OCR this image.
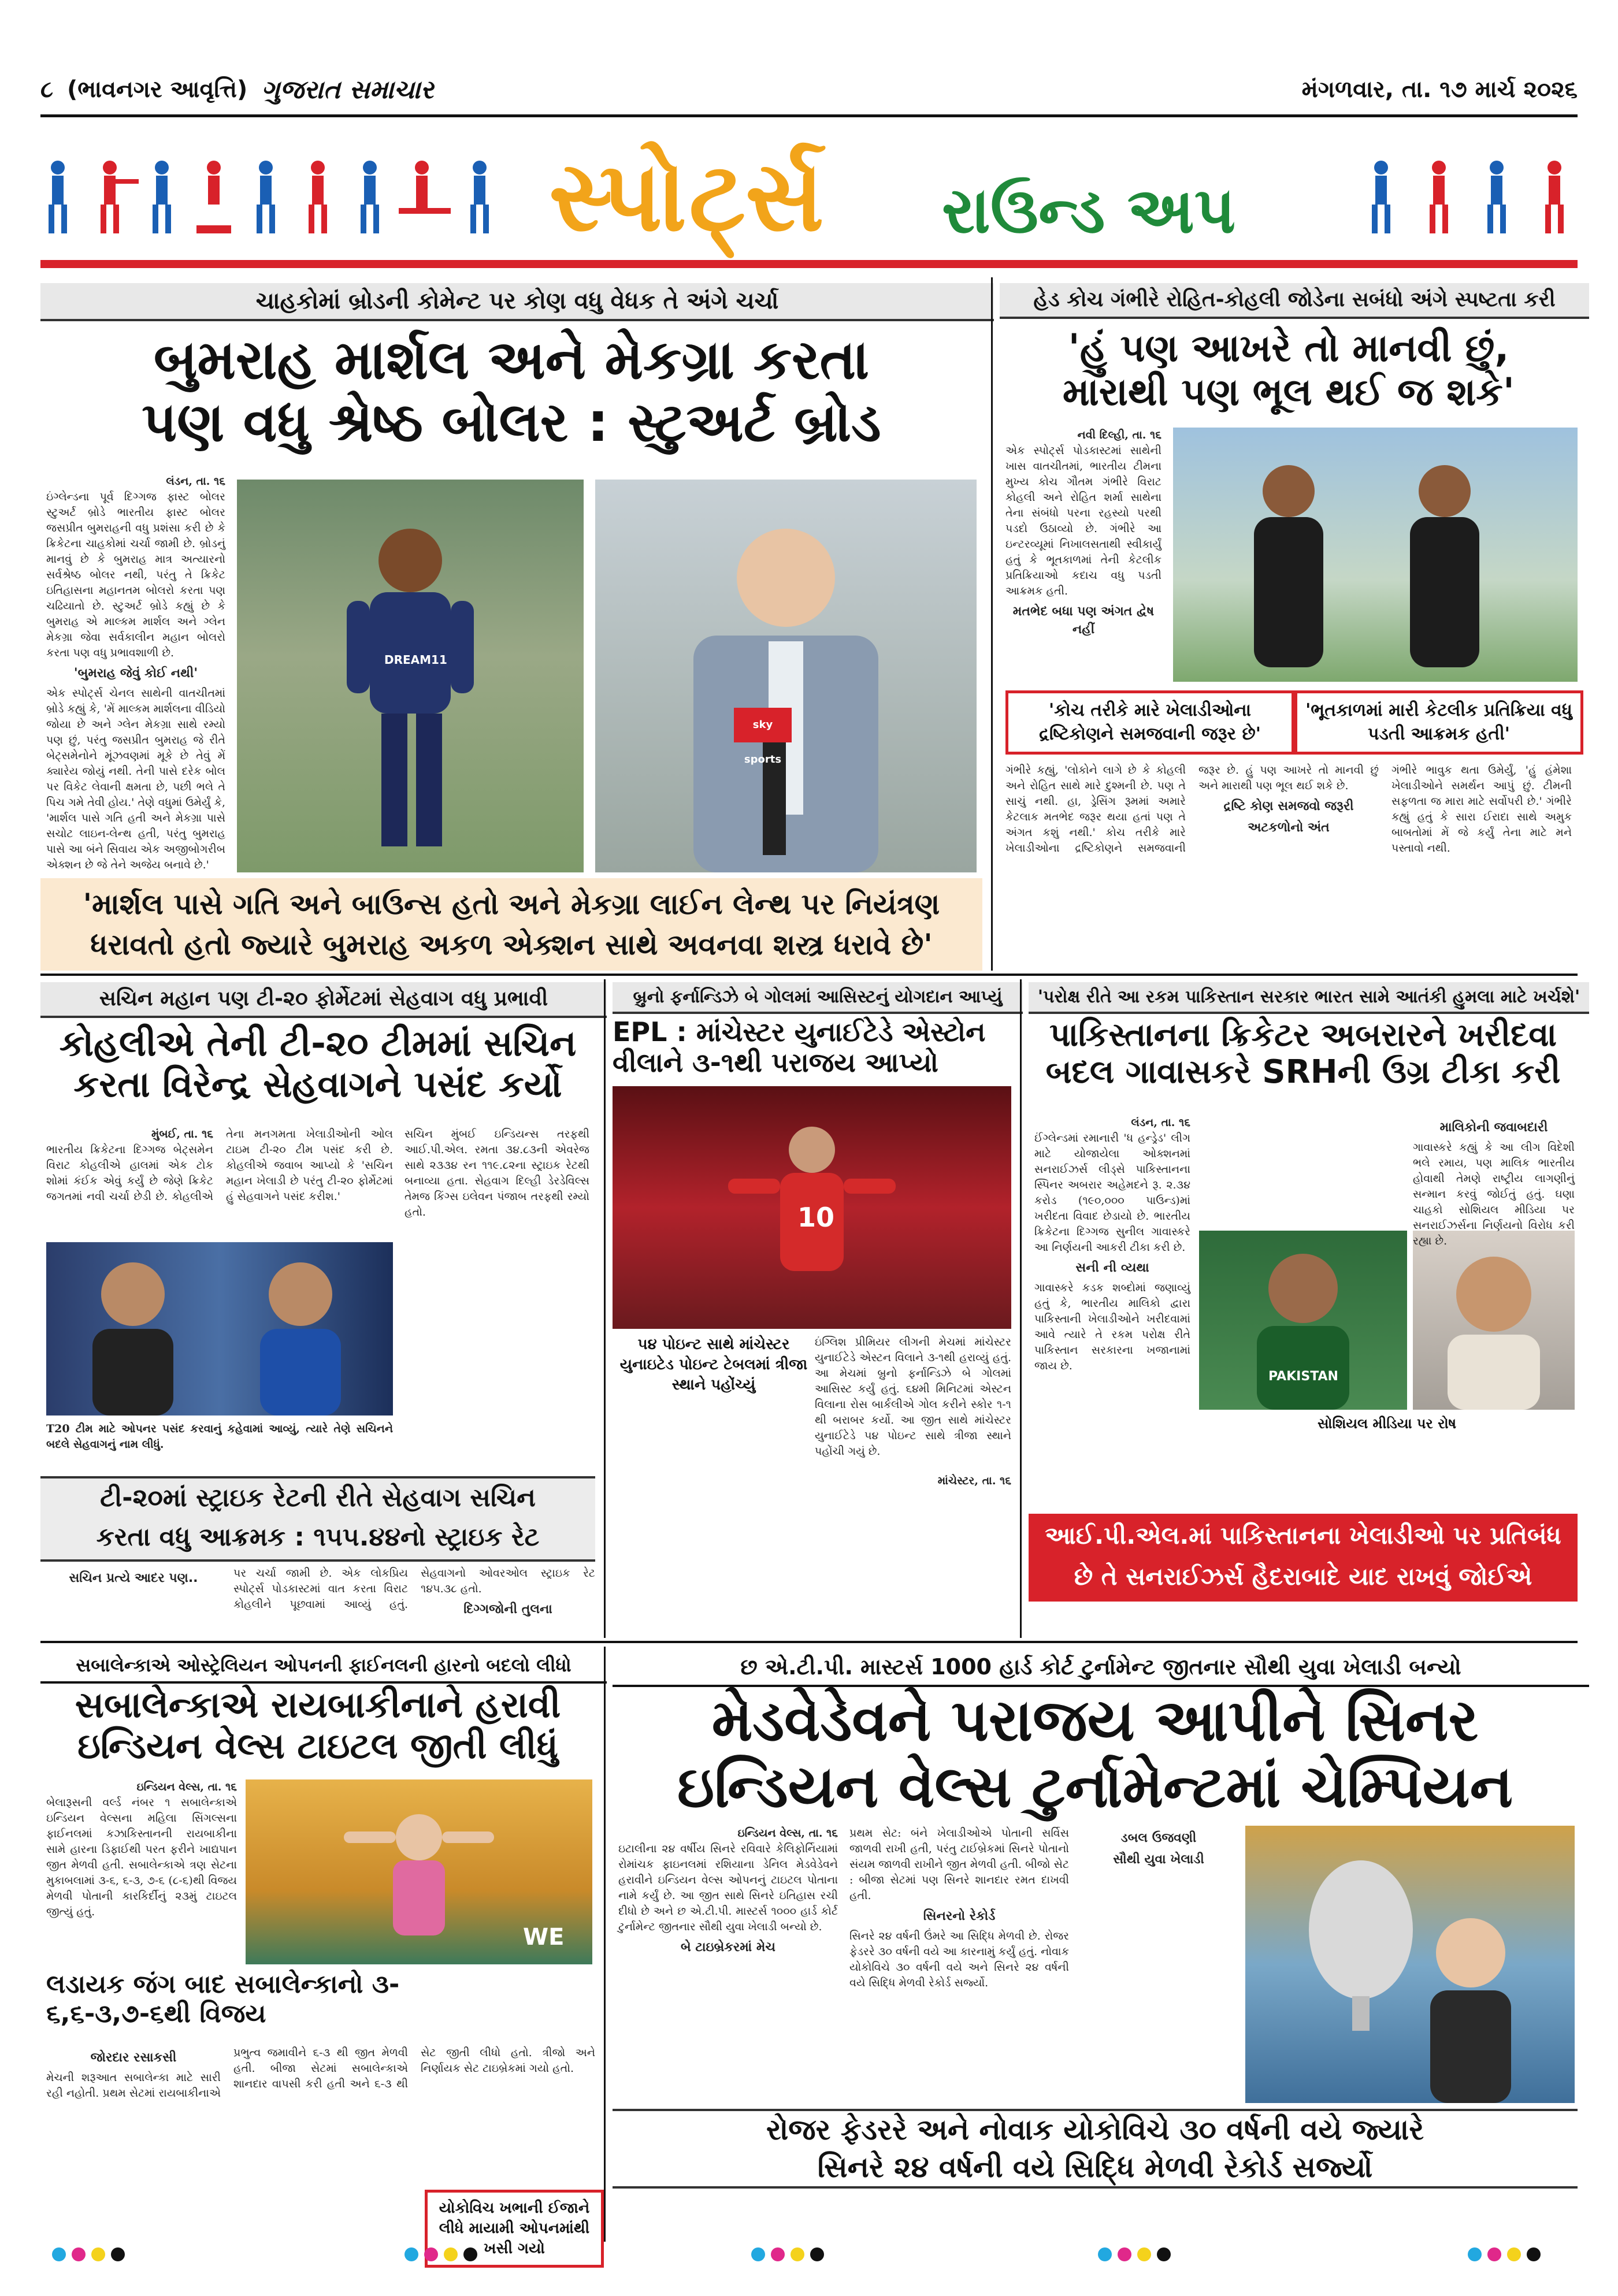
૮ (ભાવનગર આવૃત્તિ) ગુજરાત સમાચાર	મંગળવાર, તા. ૧૭ માર્ચ ૨૦૨૬
સ્પોર્ટ્સ રાઉન્ડ અપ
ચાહકોમાં બ્રોડની કોમેન્ટ પર કોણ વધુ વેધક તે અંગે ચર્ચા
બુમરાહ માર્શલ અને મેકગ્રા કરતા
પણ વધુ શ્રેષ્ઠ બોલર : સ્ટુઅર્ટ બ્રોડ
લંડન, તા. ૧૬
ઇંગ્લેન્ડના પૂર્વ દિગ્ગજ ફાસ્ટ બોલર સ્ટુઅર્ટ બ્રોડે ભારતીય ફાસ્ટ બોલર જસપ્રીત બુમરાહની વધુ પ્રશંસા કરી છે કે ક્રિકેટના ચાહકોમાં ચર્ચા જામી છે. બ્રોડનું માનવું છે કે બુમરાહ માત્ર અત્યારનો સર્વશ્રેષ્ઠ બોલર નથી, પરંતુ તે ક્રિકેટ ઇતિહાસના મહાનતમ બોલરો કરતા પણ ચઢિયાતો છે. સ્ટુઅર્ટ બ્રોડે કહ્યું છે કે બુમરાહ એ માલ્કમ માર્શલ અને ગ્લેન મેકગ્રા જેવા સર્વકાલીન મહાન બોલરો કરતા પણ વધુ પ્રભાવશાળી છે.
'બુમરાહ જેવું કોઈ નથી'
એક સ્પોર્ટ્સ ચેનલ સાથેની વાતચીતમાં બ્રોડે કહ્યું કે, 'મેં માલ્કમ માર્શલના વીડિયો જોયા છે અને ગ્લેન મેકગ્રા સાથે રમ્યો પણ છું, પરંતુ જસપ્રીત બુમરાહ જે રીતે બેટ્સમેનોને મૂંઝવણમાં મૂકે છે તેવું મેં ક્યારેય જોયું નથી. તેની પાસે દરેક બોલ પર વિકેટ લેવાની ક્ષમતા છે, પછી ભલે તે પિચ ગમે તેવી હોય.' તેણે વધુમાં ઉમેર્યું કે, 'માર્શલ પાસે ગતિ હતી અને મેકગ્રા પાસે સચોટ લાઇન-લેન્થ હતી, પરંતુ બુમરાહ પાસે આ બંને સિવાય એક અજીબોગરીબ એક્શન છે જે તેને અજેય બનાવે છે.'
DREAM11
sky sports
'માર્શલ પાસે ગતિ અને બાઉન્સ હતો અને મેકગ્રા લાઈન લેન્થ પર નિયંત્રણ
ધરાવતો હતો જ્યારે બુમરાહ અકળ એક્શન સાથે અવનવા શસ્ત્ર ધરાવે છે'
હેડ કોચ ગંભીરે રોહિત-કોહલી જોડેના સબંધો અંગે સ્પષ્ટતા કરી
'હું પણ આખરે તો માનવી છું,
મારાથી પણ ભૂલ થઈ જ શકે'
નવી દિલ્હી, તા. ૧૬
એક સ્પોર્ટ્સ પોડકાસ્ટમાં સાથેની ખાસ વાતચીતમાં, ભારતીય ટીમના મુખ્ય કોચ ગૌતમ ગંભીરે વિરાટ કોહલી અને રોહિત શર્મા સાથેના તેના સંબંધો પરના રહસ્યો પરથી પડદો ઉઠાવ્યો છે. ગંભીરે આ ઇન્ટરવ્યૂમાં નિખાલસતાથી સ્વીકાર્યું હતું કે ભૂતકાળમાં તેની કેટલીક પ્રતિક્રિયાઓ કદાચ વધુ પડતી આક્રમક હતી.
મતભેદ બધા પણ અંગત દ્વેષ નહીં
'કોચ તરીકે મારે ખેલાડીઓના દ્રષ્ટિકોણને સમજવાની જરૂર છે'
'ભૂતકાળમાં મારી કેટલીક પ્રતિક્રિયા વધુ પડતી આક્રમક હતી'
ગંભીરે કહ્યું, 'લોકોને લાગે છે કે કોહલી અને રોહિત સાથે મારે દુશ્મની છે. પણ તે સાચું નથી. હા, ડ્રેસિંગ રૂમમાં અમારે કેટલાક મતભેદ જરૂર થયા હતાં પણ તે અંગત કશું નથી.' કોચ તરીકે મારે ખેલાડીઓના દ્રષ્ટિકોણને સમજવાની જરૂર છે. હું પણ આખરે તો માનવી છું અને મારાથી પણ ભૂલ થઈ શકે છે.
દ્રષ્ટિ કોણ સમજવો જરૂરી
અટકળોનો અંત
ગંભીરે ભાવુક થતા ઉમેર્યું, 'હું હંમેશા ખેલાડીઓને સમર્થન આપું છું. ટીમની સફળતા જ મારા માટે સર્વોપરી છે.' ગંભીરે કહ્યું હતું કે સારા ઈરાદા સાથે અમુક બાબતોમાં મેં જે કર્યું તેના માટે મને પસ્તાવો નથી.
સચિન મહાન પણ ટી-૨૦ ફોર્મેટમાં સેહવાગ વધુ પ્રભાવી
કોહલીએ તેની ટી-૨૦ ટીમમાં સચિન
કરતા વિરેન્દ્ર સેહવાગને પસંદ કર્યો
મુંબઈ, તા. ૧૬
ભારતીય ક્રિકેટના દિગ્ગજ બેટ્સમેન વિરાટ કોહલીએ હાલમાં એક ટોક શોમાં કંઈક એવું કર્યું છે જેણે ક્રિકેટ જગતમાં નવી ચર્ચા છેડી છે. કોહલીએ તેના મનગમતા ખેલાડીઓની ઓલ ટાઇમ ટી-૨૦ ટીમ પસંદ કરી છે. કોહલીએ જવાબ આપ્યો કે 'સચિન મહાન ખેલાડી છે પરંતુ ટી-૨૦ ફોર્મેટમાં હું સેહવાગને પસંદ કરીશ.'
સચિન મુંબઈ ઇન્ડિયન્સ તરફથી આઈ.પી.એલ. રમતા ૩૪.૮૩ની એવરેજ સાથે ૨૩૩૪ રન ૧૧૯.૮૨ના સ્ટ્રાઇક રેટથી બનાવ્યા હતા. સેહવાગ દિલ્હી ડેરડેવિલ્સ તેમજ કિંગ્સ ઇલેવન પંજાબ તરફથી રમ્યો હતો.
T20 ટીમ માટે ઓપનર પસંદ કરવાનું કહેવામાં આવ્યું, ત્યારે તેણે સચિનને બદલે સેહવાગનું નામ લીધું.
ટી-૨૦માં સ્ટ્રાઇક રેટની રીતે સેહવાગ સચિન
કરતા વધુ આક્રમક : ૧૫૫.૪૪નો સ્ટ્રાઇક રેટ
સચિન પ્રત્યે આદર પણ..	પર ચર્ચા જામી છે. એક લોકપ્રિય સ્પોર્ટ્સ પોડકાસ્ટમાં વાત કરતા વિરાટ કોહલીને પૂછવામાં આવ્યું હતું. સેહવાગનો ઓવરઓલ સ્ટ્રાઇક રેટ ૧૪૫.૩૮ હતો.
દિગ્ગજોની તુલના
બ્રુનો ફર્નાન્ડિઝે બે ગોલમાં આસિસ્ટનું યોગદાન આપ્યું
EPL : માંચેસ્ટર યુનાઈટેડે એસ્ટોન
વીલાને ૩-૧થી પરાજય આપ્યો
10
૫૪ પોઇન્ટ સાથે માંચેસ્ટર યુનાઇટેડ પોઇન્ટ ટેબલમાં ત્રીજા સ્થાને પહોંચ્યું
ઇંગ્લિશ પ્રીમિયર લીગની મેચમાં માંચેસ્ટર યુનાઈટેડે એસ્ટન વિલાને ૩-૧થી હરાવ્યું હતું. આ મેચમાં બ્રુનો ફર્નાન્ડિઝે બે ગોલમાં આસિસ્ટ કર્યું હતું. ૬૪મી મિનિટમાં એસ્ટન વિલાના રોસ બાર્કલીએ ગોલ કરીને સ્કોર ૧-૧ થી બરાબર કર્યો. આ જીત સાથે માંચેસ્ટર યુનાઈટેડે ૫૪ પોઇન્ટ સાથે ત્રીજા સ્થાને પહોંચી ગયું છે.
માંચેસ્ટર, તા. ૧૬
'પરોક્ષ રીતે આ રકમ પાકિસ્તાન સરકાર ભારત સામે આતંકી હુમલા માટે ખર્ચશે'
પાકિસ્તાનના ક્રિકેટર અબરારને ખરીદવા
બદલ ગાવાસકરે SRHની ઉગ્ર ટીકા કરી
લંડન, તા. ૧૬
ઈંગ્લેન્ડમાં રમાનારી 'ધ હન્ડ્રેડ' લીગ માટે યોજાયેલા ઓક્શનમાં સનરાઈઝર્સ લીડ્સે પાકિસ્તાનના સ્પિનર અબરાર અહેમદને રૂ. ૨.૩૪ કરોડ (૧૯૦,૦૦૦ પાઉન્ડ)માં ખરીદતા વિવાદ છેડાયો છે. ભારતીય ક્રિકેટના દિગ્ગજ સુનીલ ગાવાસ્કરે આ નિર્ણયની આકરી ટીકા કરી છે.
સની ની વ્યથા
ગાવાસ્કરે કડક શબ્દોમાં જણાવ્યું હતું કે, ભારતીય માલિકો દ્વારા પાકિસ્તાની ખેલાડીઓને ખરીદવામાં આવે ત્યારે તે રકમ પરોક્ષ રીતે પાકિસ્તાન સરકારના ખજાનામાં જાય છે.
PAKISTAN
સોશિયલ મીડિયા પર રોષ
માલિકોની જવાબદારી
ગાવાસ્કરે કહ્યું કે આ લીગ વિદેશી ભલે રમાય, પણ માલિક ભારતીય હોવાથી તેમણે રાષ્ટ્રીય લાગણીનું સન્માન કરવું જોઈતું હતું. ઘણા ચાહકો સોશિયલ મીડિયા પર સનરાઈઝર્સના નિર્ણયનો વિરોધ કરી રહ્યા છે.
આઈ.પી.એલ.માં પાકિસ્તાનના ખેલાડીઓ પર પ્રતિબંધ
છે તે સનરાઈઝર્સ હૈદરાબાદે યાદ રાખવું જોઈએ
સબાલેન્કાએ ઓસ્ટ્રેલિયન ઓપનની ફાઈનલની હારનો બદલો લીધો
સબાલેન્કાએ રાયબાકીનાને હરાવી
ઇન્ડિયન વેલ્સ ટાઇટલ જીતી લીધું
ઇન્ડિયન વેલ્સ, તા. ૧૬
બેલારૂસની વર્લ્ડ નંબર ૧ સબાલેન્કાએ ઇન્ડિયન વેલ્સના મહિલા સિંગલ્સના ફાઈનલમાં કઝાકિસ્તાનની રાયબાકીના સામે હારના ડિફાઈથી પરત ફરીને ખાદ્યપાન જીત મેળવી હતી. સબાલેન્કાએ ત્રણ સેટના મુકાબલામાં ૩-૬, ૬-૩, ૭-૬ (૮-૬)થી વિજય મેળવી પોતાની કારકિર્દીનું ૨૩મું ટાઇટલ જીત્યું હતું.
WE
લડાયક જંગ બાદ સબાલેન્કાનો ૩-
૬,૬-૩,૭-૬થી વિજય
જોરદાર રસાકસી
મેચની શરૂઆત સબાલેન્કા માટે સારી રહી નહોતી. પ્રથમ સેટમાં રાયબાકીનાએ પ્રભુત્વ જમાવીને ૬-૩ થી જીત મેળવી હતી. બીજા સેટમાં સબાલેન્કાએ શાનદાર વાપસી કરી હતી અને ૬-૩ થી સેટ જીતી લીધો હતો. ત્રીજો અને નિર્ણાયક સેટ ટાઇબ્રેકમાં ગયો હતો.
યોકોવિચ ખભાની ઈજાને લીધે માયામી ઓપનમાંથી ખસી ગયો
છ એ.ટી.પી. માસ્ટર્સ 1000 હાર્ડ કોર્ટ ટુર્નામેન્ટ જીતનાર સૌથી યુવા ખેલાડી બન્યો
મેડવેડેવને પરાજય આપીને સિનર
ઇન્ડિયન વેલ્સ ટુર્નામેન્ટમાં ચેમ્પિયન
ઇન્ડિયન વેલ્સ, તા. ૧૬
ઇટાલીના ૨૪ વર્ષીય સિનરે રવિવારે કેલિફોર્નિયામાં રોમાંચક ફાઇનલમાં રશિયાના ડેનિલ મેડવેડેવને હરાવીને ઇન્ડિયન વેલ્સ ઓપનનું ટાઇટલ પોતાના નામે કર્યું છે. આ જીત સાથે સિનરે ઇતિહાસ રચી દીધો છે અને છ એ.ટી.પી. માસ્ટર્સ ૧૦૦૦ હાર્ડ કોર્ટ ટુર્નામેન્ટ જીતનાર સૌથી યુવા ખેલાડી બન્યો છે.
બે ટાઇબ્રેકરમાં મેચ
પ્રથમ સેટ: બંને ખેલાડીઓએ પોતાની સર્વિસ જાળવી રાખી હતી, પરંતુ ટાઈબ્રેકમાં સિનરે પોતાનો સંયમ જાળવી રાખીને જીત મેળવી હતી. બીજો સેટ : બીજા સેટમાં પણ સિનરે શાનદાર રમત દાખવી હતી.
સિનરનો રેકોર્ડ
સિનરે ૨૪ વર્ષની ઉંમરે આ સિદ્ધિ મેળવી છે. રોજર ફેડરરે ૩૦ વર્ષની વયે આ કારનામું કર્યું હતું. નોવાક યોકોવિચે ૩૦ વર્ષની વયે અને સિનરે ૨૪ વર્ષની વયે સિદ્ધિ મેળવી રેકોર્ડ સર્જ્યો.
ડબલ ઉજવણી
સૌથી યુવા ખેલાડી
રોજર ફેડરરે અને નોવાક યોકોવિચે ૩૦ વર્ષની વયે જ્યારે
સિનરે ૨૪ વર્ષની વયે સિદ્ધિ મેળવી રેકોર્ડ સર્જ્યો
